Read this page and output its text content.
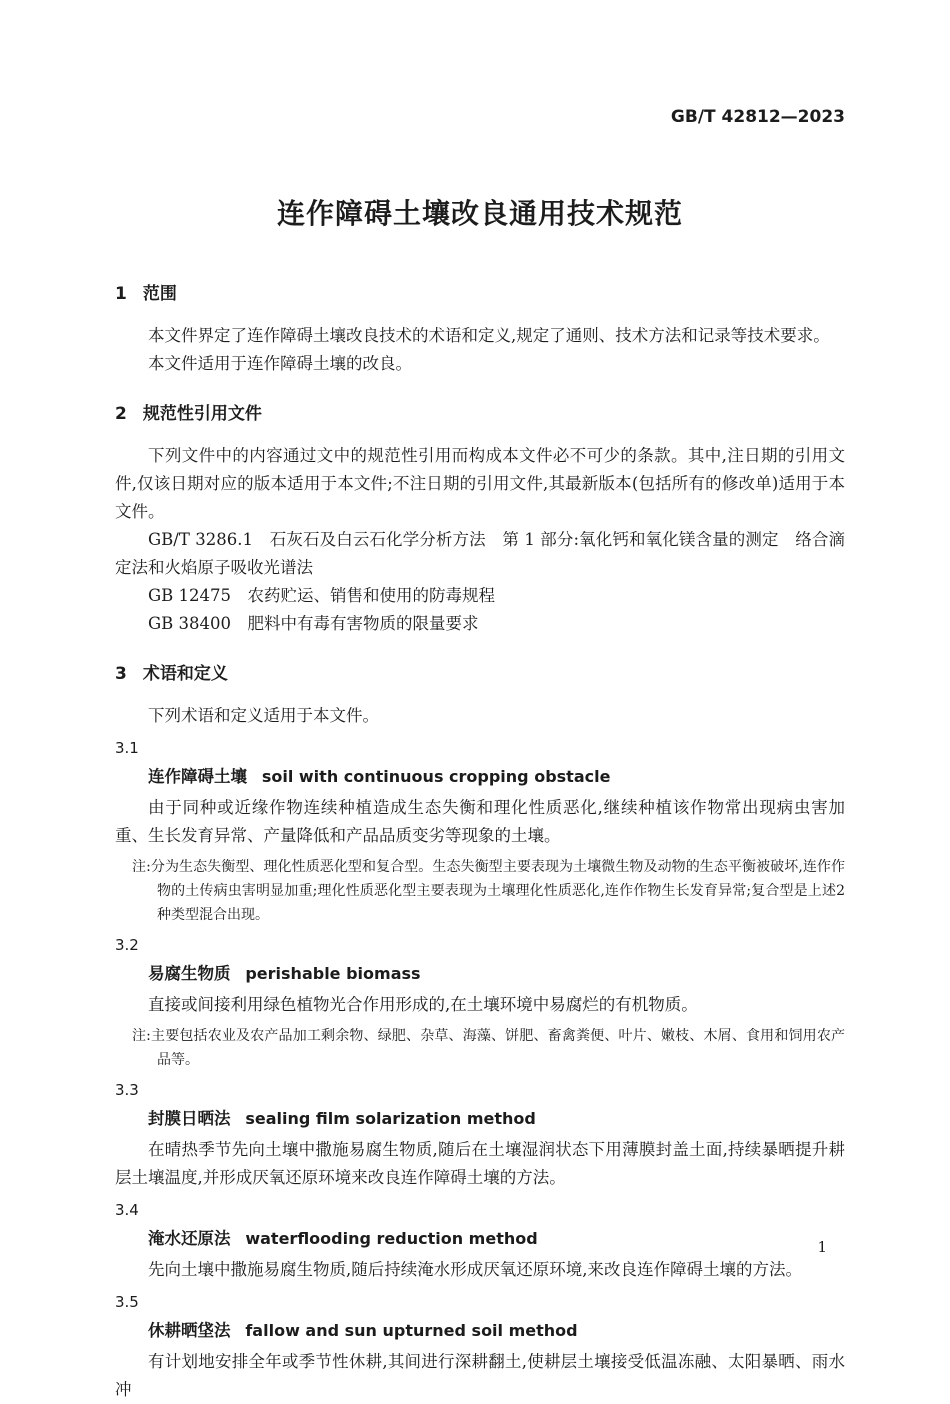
GB/T 42812—2023
连作障碍土壤改良通用技术规范
1 范围

本文件界定了连作障碍土壤改良技术的术语和定义,规定了通则、技术方法和记录等技术要求。

本文件适用于连作障碍土壤的改良。

2 规范性引用文件

下列文件中的内容通过文中的规范性引用而构成本文件必不可少的条款。其中,注日期的引用文件,仅该日期对应的版本适用于本文件;不注日期的引用文件,其最新版本(包括所有的修改单)适用于本文件。

GB/T 3286.1　石灰石及白云石化学分析方法　第 1 部分:氧化钙和氧化镁含量的测定　络合滴定法和火焰原子吸收光谱法

GB 12475　农药贮运、销售和使用的防毒规程

GB 38400　肥料中有毒有害物质的限量要求

3 术语和定义

下列术语和定义适用于本文件。

3.1
连作障碍土壤 soil with continuous cropping obstacle

由于同种或近缘作物连续种植造成生态失衡和理化性质恶化,继续种植该作物常出现病虫害加重、生长发育异常、产量降低和产品品质变劣等现象的土壤。

注:分为生态失衡型、理化性质恶化型和复合型。生态失衡型主要表现为土壤微生物及动物的生态平衡被破坏,连作作物的土传病虫害明显加重;理化性质恶化型主要表现为土壤理化性质恶化,连作作物生长发育异常;复合型是上述2种类型混合出现。

3.2
易腐生物质 perishable biomass

直接或间接利用绿色植物光合作用形成的,在土壤环境中易腐烂的有机物质。

注:主要包括农业及农产品加工剩余物、绿肥、杂草、海藻、饼肥、畜禽粪便、叶片、嫩枝、木屑、食用和饲用农产品等。

3.3
封膜日晒法 sealing film solarization method

在晴热季节先向土壤中撒施易腐生物质,随后在土壤湿润状态下用薄膜封盖土面,持续暴晒提升耕层土壤温度,并形成厌氧还原环境来改良连作障碍土壤的方法。

3.4
淹水还原法 waterflooding reduction method

先向土壤中撒施易腐生物质,随后持续淹水形成厌氧还原环境,来改良连作障碍土壤的方法。

3.5
休耕晒垡法 fallow and sun upturned soil method

有计划地安排全年或季节性休耕,其间进行深耕翻土,使耕层土壤接受低温冻融、太阳暴晒、雨水冲

1
